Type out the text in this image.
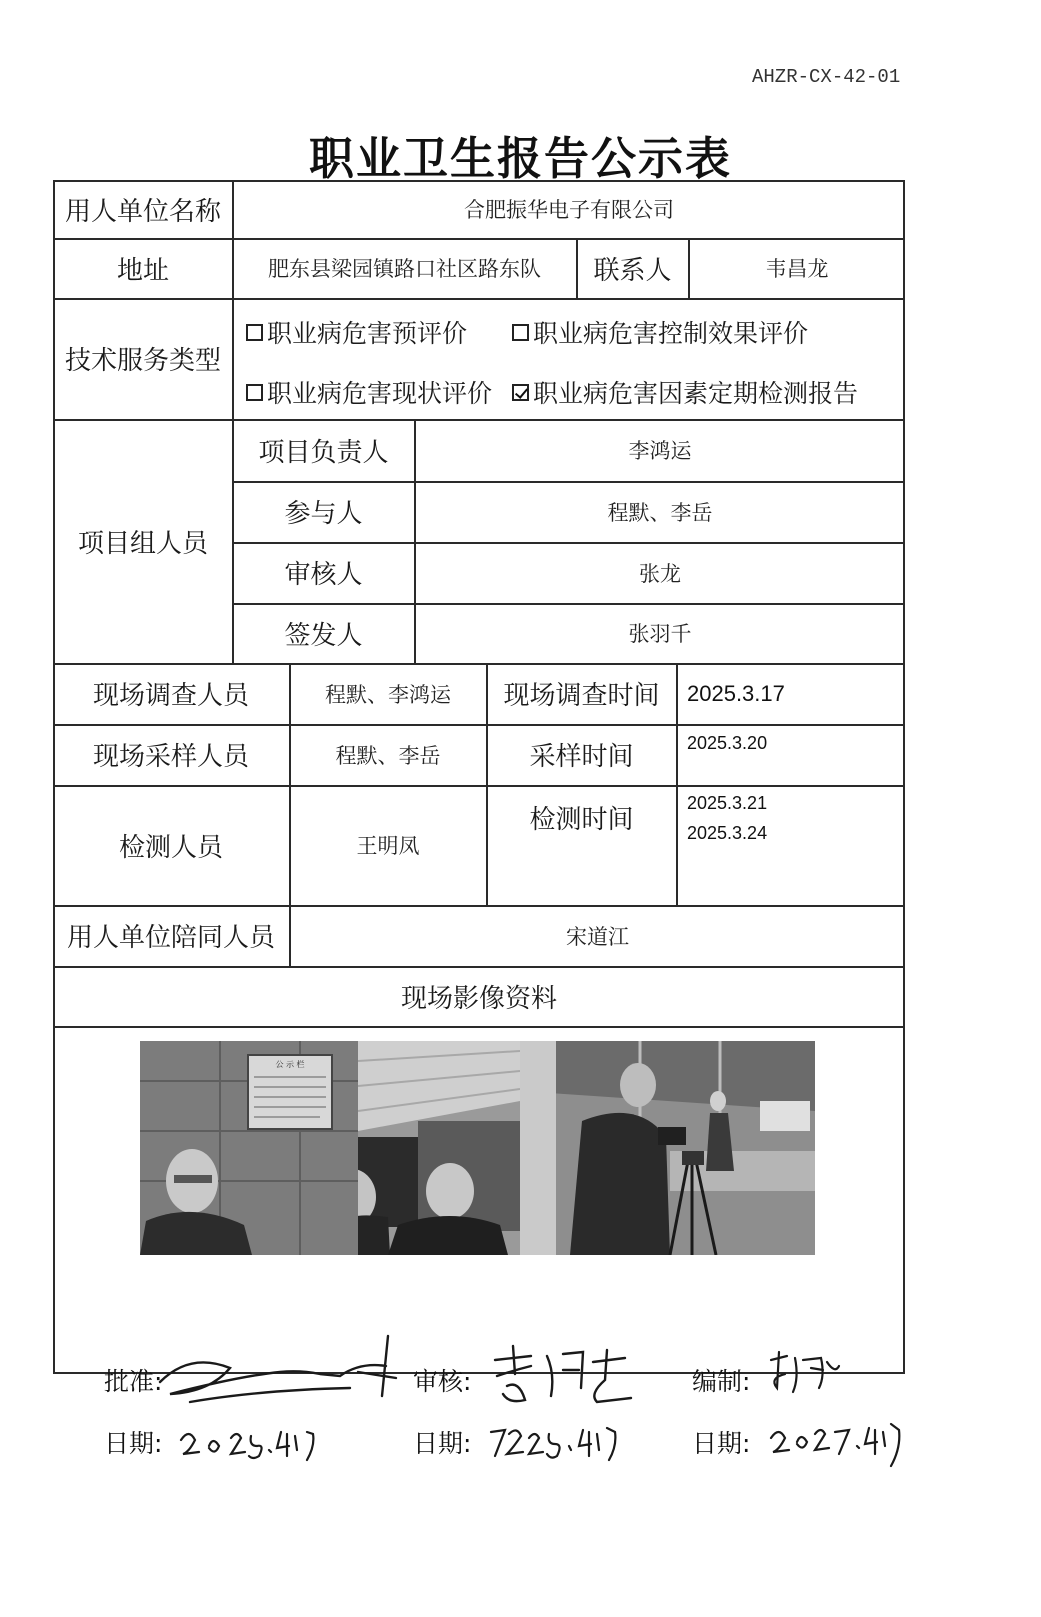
AHZR-CX-42-01
职业卫生报告公示表
用人单位名称	合肥振华电子有限公司
地址	肥东县梁园镇路口社区路东队	联系人	韦昌龙
技术服务类型
职业病危害预评价	职业病危害控制效果评价
职业病危害现状评价 职业病危害因素定期检测报告
项目组人员
项目负责人	李鸿运
参与人	程默、李岳
审核人	张龙
签发人	张羽千
现场调查人员	程默、李鸿运	现场调查时间	2025.3.17
现场采样人员	程默、李岳	采样时间	2025.3.20
检测人员	王明凤
检测时间
2025.3.21
2025.3.24
用人单位陪同人员	宋道江
现场影像资料
公 示 栏
批准:	审核:	编制:
日期:	日期:	日期:
